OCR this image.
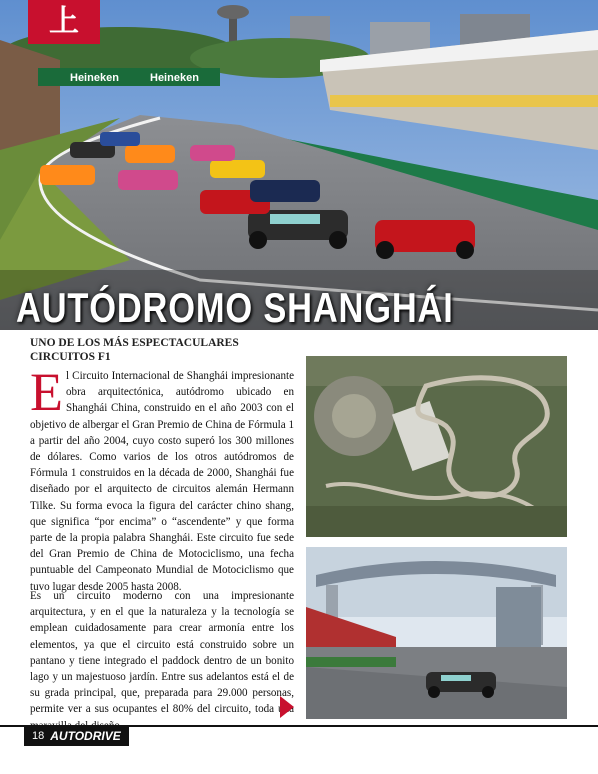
Heineken	Heineken
上
AUTÓDROMO SHANGHÁI
UNO DE LOS MÁS ESPECTACULARES CIRCUITOS F1
El Circuito Internacional de Shanghái impresionante obra arquitectónica, autódromo ubicado en Shanghái China, construido en el año 2003 con el objetivo de albergar el Gran Premio de China de Fórmula 1 a partir del año 2004, cuyo costo superó los 300 millones de dólares. Como varios de los otros autódromos de Fórmula 1 construidos en la década de 2000, Shanghái fue diseñado por el arquitecto de circuitos alemán Hermann Tilke. Su forma evoca la figura del carácter chino shang, que significa “por encima” o “ascendente” y que forma parte de la propia palabra Shanghái. Este circuito fue sede del Gran Premio de China de Motociclismo, una fecha puntuable del Campeonato Mundial de Motociclismo que tuvo lugar desde 2005 hasta 2008.
Es un circuito moderno con una impresionante arquitectura, y en el que la naturaleza y la tecnología se emplean cuidadosamente para crear armonía entre los elementos, ya que el circuito está construido sobre un pantano y tiene integrado el paddock dentro de un bonito lago y un majestuoso jardín. Entre sus adelantos está el de su grada principal, que, preparada para 29.000 personas, permite ver a sus ocupantes el 80% del circuito, toda una
18 AUTODRIVE
